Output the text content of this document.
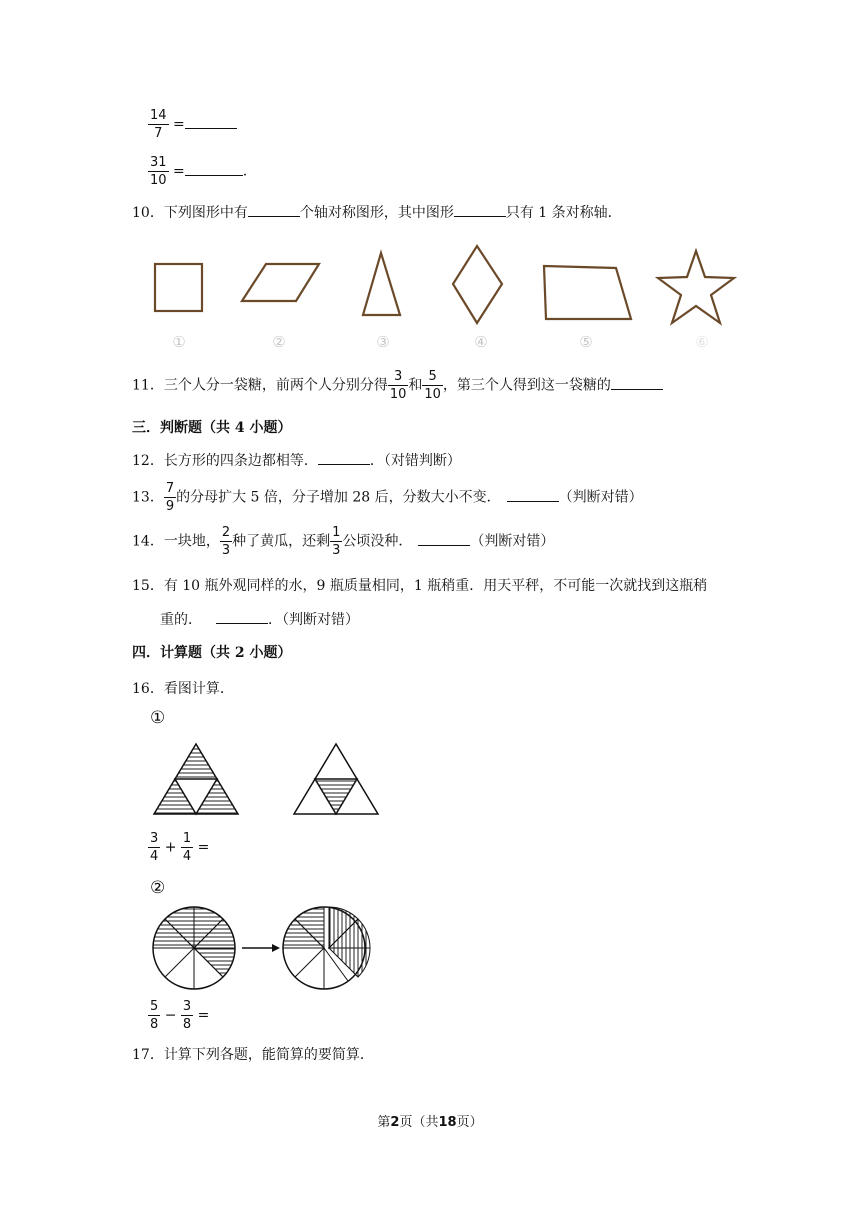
$\frac{14}{7}$ =
$\frac{31}{10}$ =	.
10．下列图形中有	个轴对称图形，其中图形	只有 1 条对称轴．
①	②	③	④	⑤	⑥
11．三个人分一袋糖，前两个人分别分得 $\frac{3}{10}$ 和 $\frac{5}{10}$ ，第三个人得到这一袋糖的
三．判断题（共 4 小题）
12．长方形的四条边都相等．	．（对错判断）
13． $\frac{7}{9}$ 的分母扩大 5 倍，分子增加 28 后，分数大小不变．	（判断对错）
14．一块地， $\frac{2}{3}$ 种了黄瓜，还剩 $\frac{1}{3}$ 公顷没种．	（判断对错）
15．有 10 瓶外观同样的水，9 瓶质量相同，1 瓶稍重．用天平秤，不可能一次就找到这瓶稍
重的．	．（判断对错）
四．计算题（共 2 小题）
16．看图计算．
①
$\frac{3}{4} + \frac{1}{4}$ =
②
$\frac{5}{8} - \frac{3}{8}$ =
17．计算下列各题，能简算的要简算．
第2页（共18页）
